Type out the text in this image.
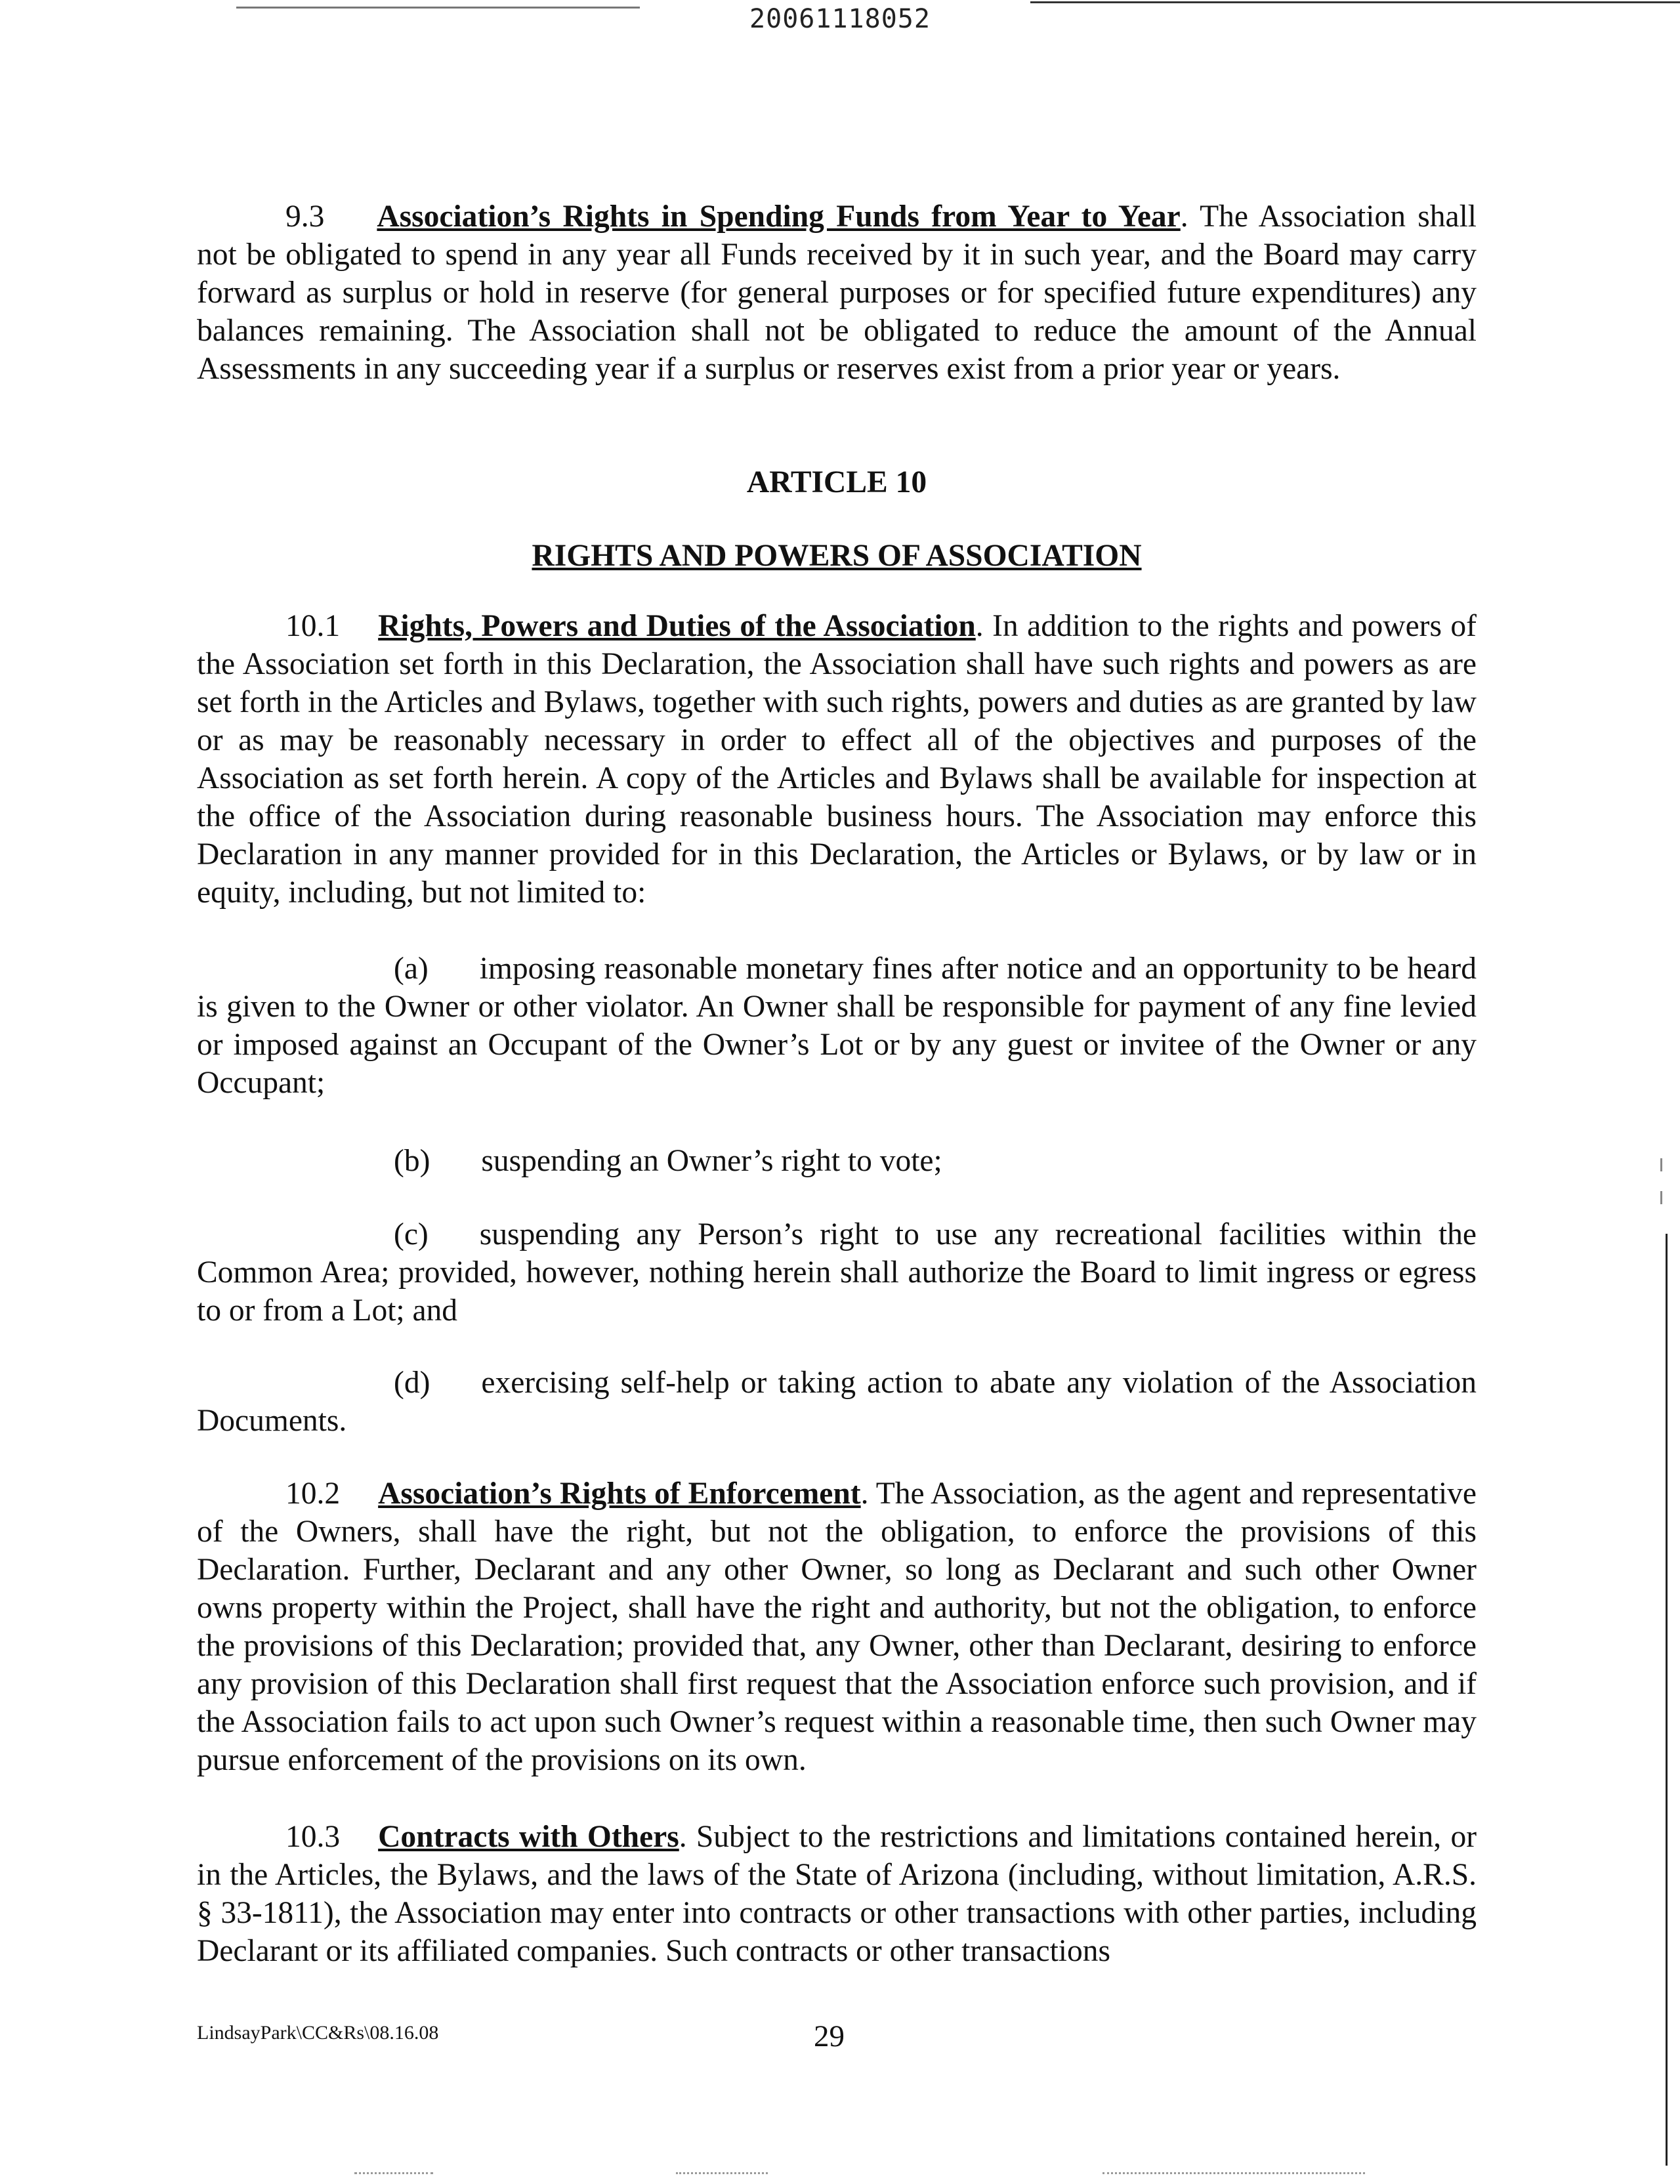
20061118052

9.3 Association’s Rights in Spending Funds from Year to Year. The Association shall not be obligated to spend in any year all Funds received by it in such year, and the Board may carry forward as surplus or hold in reserve (for general purposes or for specified future expenditures) any balances remaining. The Association shall not be obligated to reduce the amount of the Annual Assessments in any succeeding year if a surplus or reserves exist from a prior year or years.

ARTICLE 10
RIGHTS AND POWERS OF ASSOCIATION

10.1 Rights, Powers and Duties of the Association. In addition to the rights and powers of the Association set forth in this Declaration, the Association shall have such rights and powers as are set forth in the Articles and Bylaws, together with such rights, powers and duties as are granted by law or as may be reasonably necessary in order to effect all of the objectives and purposes of the Association as set forth herein. A copy of the Articles and Bylaws shall be available for inspection at the office of the Association during reasonable business hours. The Association may enforce this Declaration in any manner provided for in this Declaration, the Articles or Bylaws, or by law or in equity, including, but not limited to:

(a) imposing reasonable monetary fines after notice and an opportunity to be heard is given to the Owner or other violator. An Owner shall be responsible for payment of any fine levied or imposed against an Occupant of the Owner’s Lot or by any guest or invitee of the Owner or any Occupant;

(b) suspending an Owner’s right to vote;

(c) suspending any Person’s right to use any recreational facilities within the Common Area; provided, however, nothing herein shall authorize the Board to limit ingress or egress to or from a Lot; and

(d) exercising self-help or taking action to abate any violation of the Association Documents.

10.2 Association’s Rights of Enforcement. The Association, as the agent and representative of the Owners, shall have the right, but not the obligation, to enforce the provisions of this Declaration. Further, Declarant and any other Owner, so long as Declarant and such other Owner owns property within the Project, shall have the right and authority, but not the obligation, to enforce the provisions of this Declaration; provided that, any Owner, other than Declarant, desiring to enforce any provision of this Declaration shall first request that the Association enforce such provision, and if the Association fails to act upon such Owner’s request within a reasonable time, then such Owner may pursue enforcement of the provisions on its own.

10.3 Contracts with Others. Subject to the restrictions and limitations contained herein, or in the Articles, the Bylaws, and the laws of the State of Arizona (including, without limitation, A.R.S. § 33-1811), the Association may enter into contracts or other transactions with other parties, including Declarant or its affiliated companies. Such contracts or other transactions

LindsayPark\CC&Rs\08.16.08	29
